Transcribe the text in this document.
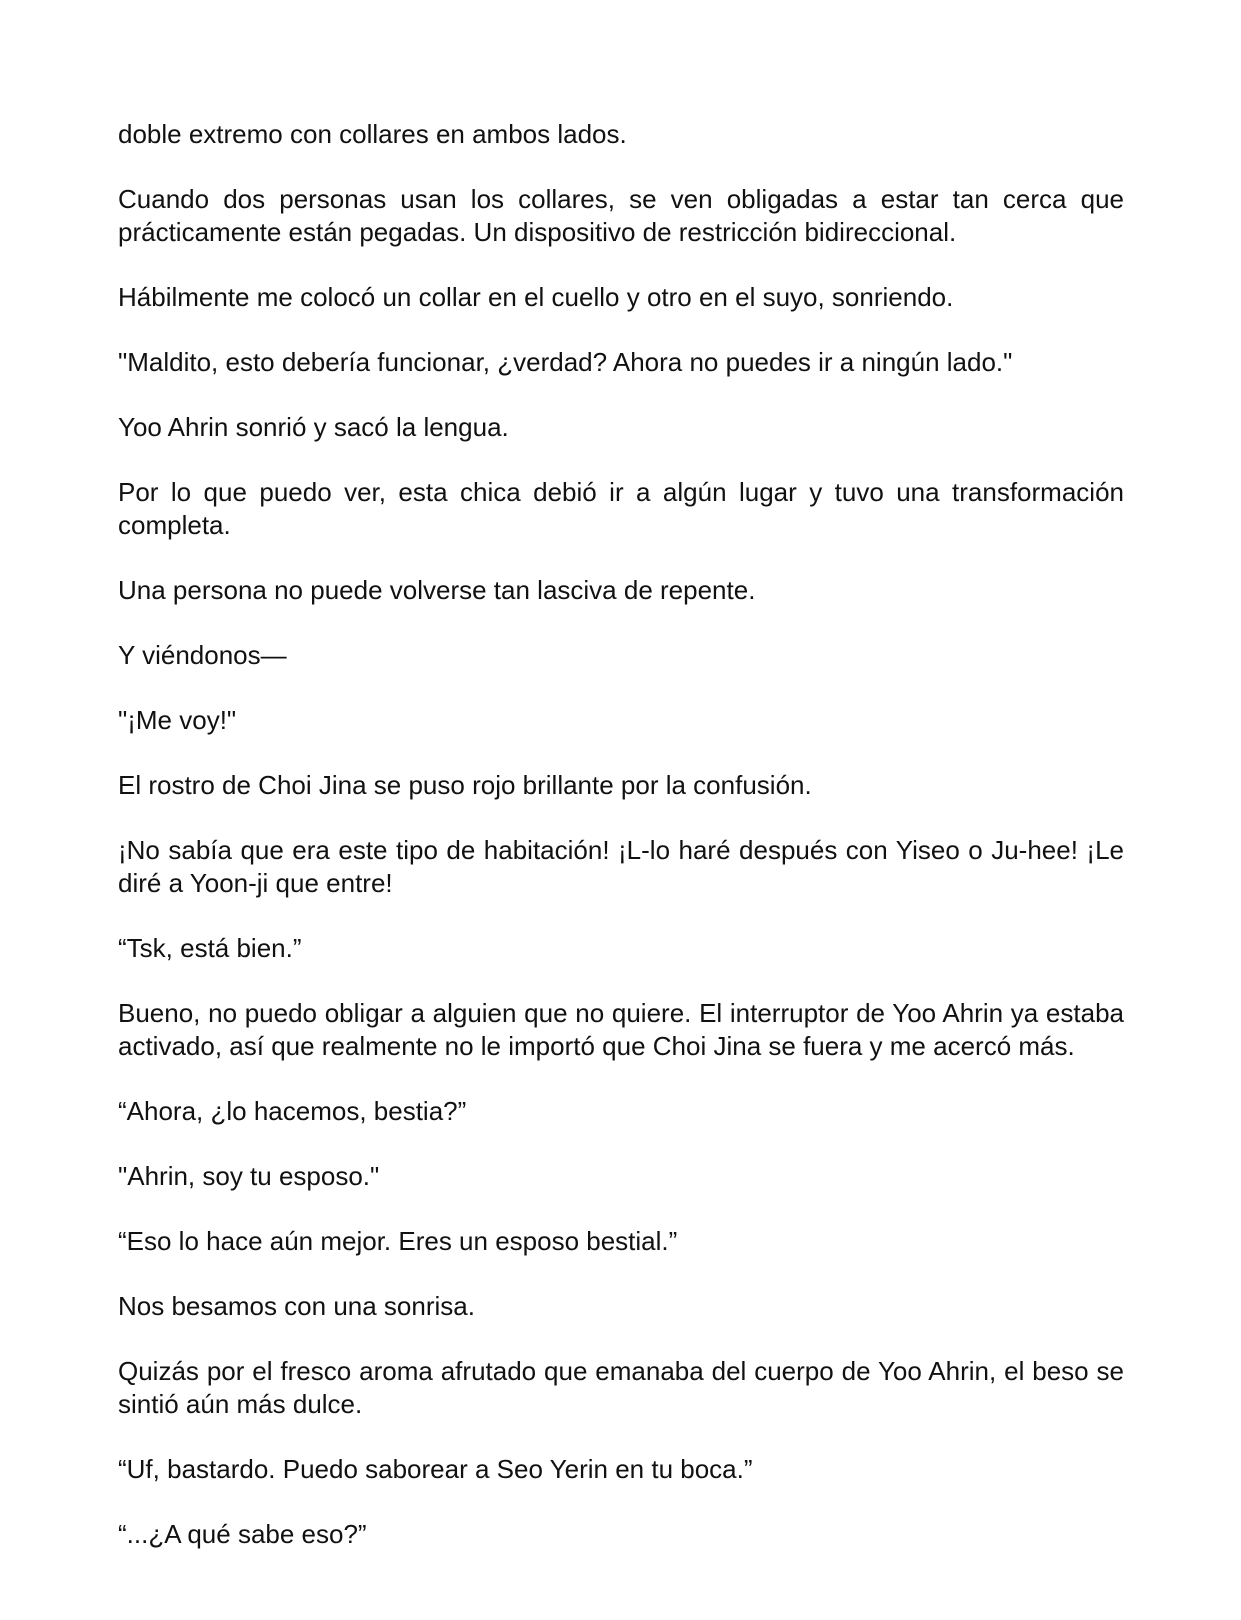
doble extremo con collares en ambos lados.

Cuando dos personas usan los collares, se ven obligadas a estar tan cerca que prácticamente están pegadas. Un dispositivo de restricción bidireccional.

Hábilmente me colocó un collar en el cuello y otro en el suyo, sonriendo.

"Maldito, esto debería funcionar, ¿verdad? Ahora no puedes ir a ningún lado."

Yoo Ahrin sonrió y sacó la lengua.

Por lo que puedo ver, esta chica debió ir a algún lugar y tuvo una transformación completa.

Una persona no puede volverse tan lasciva de repente.

Y viéndonos—

"¡Me voy!"

El rostro de Choi Jina se puso rojo brillante por la confusión.

¡No sabía que era este tipo de habitación! ¡L-lo haré después con Yiseo o Ju-hee! ¡Le diré a Yoon-ji que entre!

“Tsk, está bien.”

Bueno, no puedo obligar a alguien que no quiere. El interruptor de Yoo Ahrin ya estaba activado, así que realmente no le importó que Choi Jina se fuera y me acercó más.

“Ahora, ¿lo hacemos, bestia?”

"Ahrin, soy tu esposo."

“Eso lo hace aún mejor. Eres un esposo bestial.”

Nos besamos con una sonrisa.

Quizás por el fresco aroma afrutado que emanaba del cuerpo de Yoo Ahrin, el beso se sintió aún más dulce.

“Uf, bastardo. Puedo saborear a Seo Yerin en tu boca.”

“...¿A qué sabe eso?”
